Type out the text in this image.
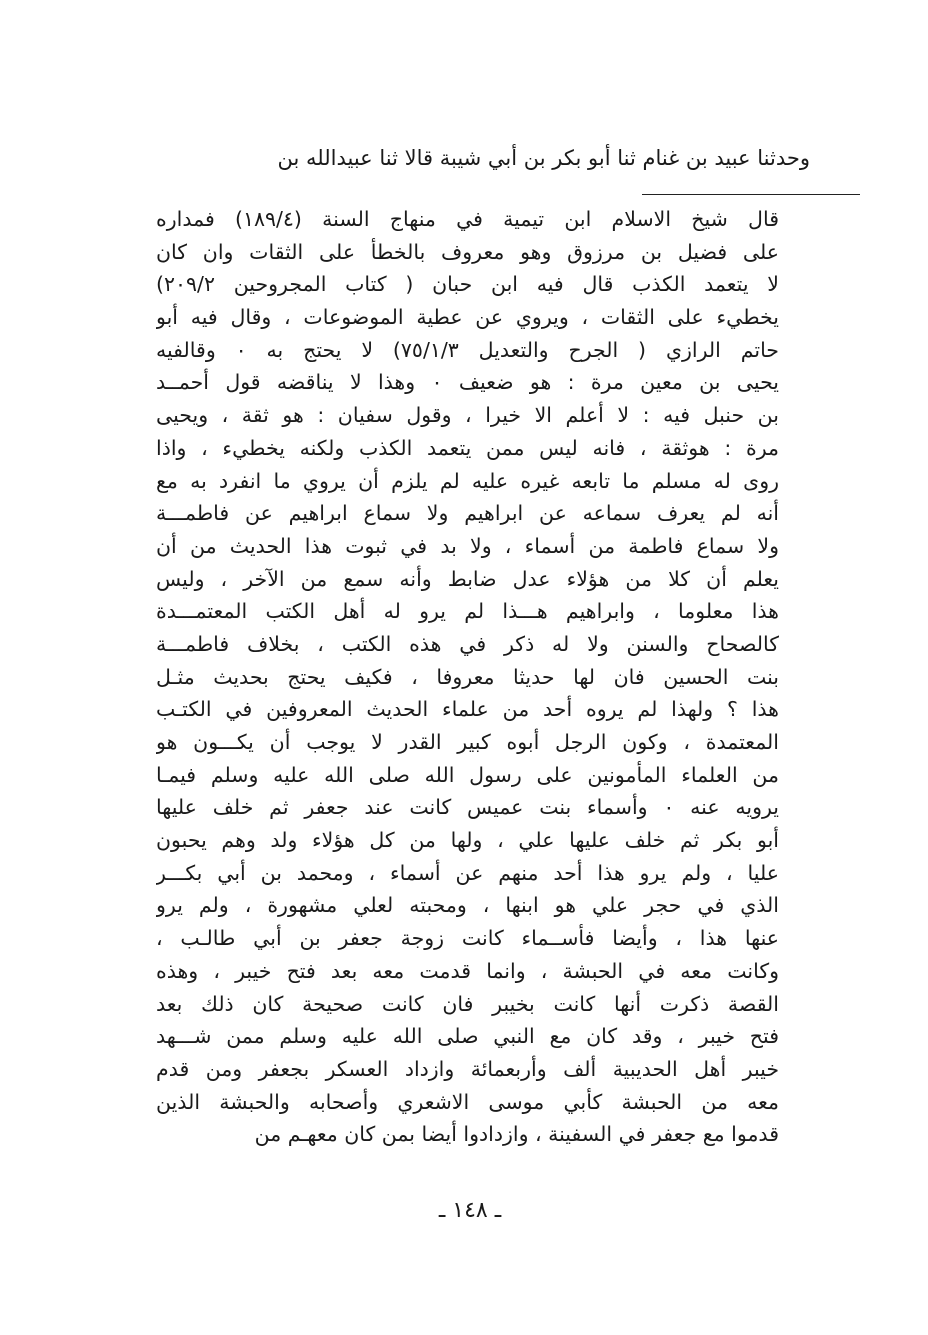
وحدثنا عبيد بن غنام ثنا أبو بكر بن أبي شيبة قالا ثنا عبيدالله بن
قال شيخ الاسلام ابن تيمية في منهاج السنة (١٨٩/٤) فمداره
على فضيل بن مرزوق وهو معروف بالخطأ على الثقات وان كان
لا يتعمد الكذب قال فيه ابن حبان ( كتاب المجروحين ٢٠٩/٢)
يخطيء على الثقات ، ويروي عن عطية الموضوعات ، وقال فيه أبو
حاتم الرازي ( الجرح والتعديل ٧٥/١/٣) لا يحتج به ٠ وقالفيه
يحيى بن معين مرة : هو ضعيف ٠ وهذا لا يناقضه قول أحمــد
بن حنبل فيه : لا أعلم الا خيرا ، وقول سفيان : هو ثقة ، ويحيى
مرة : هوثقة ، فانه ليس ممن يتعمد الكذب ولكنه يخطيء ، واذا
روى له مسلم ما تابعه غيره عليه لم يلزم أن يروي ما انفرد به مع
أنه لم يعرف سماعه عن ابراهيم ولا سماع ابراهيم عن فاطمـــة
ولا سماع فاطمة من أسماء ، ولا بد في ثبوت هذا الحديث من أن
يعلم أن كلا من هؤلاء عدل ضابط وأنه سمع من الآخر ، وليس
هذا معلوما ، وابراهيم هـــذا لم يرو له أهل الكتب المعتمـــدة
كالصحاح والسنن ولا له ذكر في هذه الكتب ، بخلاف فاطمـــة
بنت الحسين فان لها حديثا معروفا ، فكيف يحتج بحديث مثـل
هذا ؟ ولهذا لم يروه أحد من علماء الحديث المعروفين في الكتـب
المعتمدة ، وكون الرجل أبوه كبير القدر لا يوجب أن يكـــون هو
من العلماء المأمونين على رسول الله صلى الله عليه وسلم فيمـا
يرويه عنه ٠ وأسماء بنت عميس كانت عند جعفر ثم خلف عليها
أبو بكر ثم خلف عليها علي ، ولها من كل هؤلاء ولد وهم يحبون
عليا ، ولم يرو هذا أحد منهم عن أسماء ، ومحمد بن أبي بكـــر
الذي في حجر علي هو ابنها ، ومحبته لعلي مشهورة ، ولم يرو
عنها هذا ، وأيضا فأســماء كانت زوجة جعفر بن أبي طالـب ،
وكانت معه في الحبشة ، وانما قدمت معه بعد فتح خيبر ، وهذه
القصة ذكرت أنها كانت بخيبر فان كانت صحيحة كان ذلك بعد
فتح خيبر ، وقد كان مع النبي صلى الله عليه وسلم ممن شـــهد
خيبر أهل الحديبية ألف وأربعمائة وازداد العسكر بجعفر ومن قدم
معه من الحبشة كأبي موسى الاشعري وأصحابه والحبشة الذين
قدموا مع جعفر في السفينة ، وازدادوا أيضا بمن كان معهـم من
ـ ١٤٨ ـ
